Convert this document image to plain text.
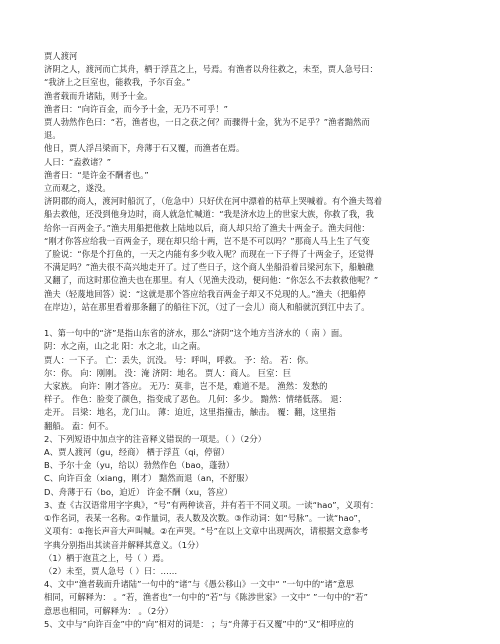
贾人渡河
济阴之人，渡河而亡其舟，栖于浮苴之上，号焉。有渔者以舟往救之，未至，贾人急号曰：
“我济上之巨室也，能救我，予尔百金。”
渔者载而升诸陆，则予十金。
渔者曰：“向许百金，而今予十金，无乃不可乎！”
贾人勃然作色曰：“若，渔者也，一日之获之何？而骤得十金，犹为不足乎？”渔者黯然而
退。
他日，贾人浮吕梁而下，舟薄于石又覆，而渔者在焉。
人曰：“盍救诸？”
渔者曰：“是许金不酬者也。”
立而观之，遂没。
济阴郡的商人，渡河时船沉了，（危急中）只好伏在河中漂着的枯草上哭喊着。有个渔夫驾着
船去救他，还没到他身边时，商人就急忙喊道：“我是济水边上的世家大族，你救了我，我
给你一百两金子。”渔夫用船把他救上陆地以后，商人却只给了渔夫十两金子。渔夫问他：
“刚才你答应给我一百两金子，现在却只给十两，岂不是不可以吗？”那商人马上生了气变
了脸说：“你是个打鱼的，一天之内能有多少收入呢？而现在一下子得了十两金子，还觉得
不满足吗？”渔夫很不高兴地走开了。过了些日子，这个商人坐船沿着吕梁河东下，船触礁
又翻了，而这时那位渔夫也在那里。有人（见渔夫没动，便问他：“你怎么不去救救他呢？”
渔夫（轻蔑地回答）说：“这就是那个答应给我百两金子却又不兑现的人。”渔夫（把船停
在岸边），站在那里看着那条翻了的船往下沉，（过了一会儿）商人和船就沉到江中去了。
1、第一句中的“济”是指山东省的济水，那么“济阴”这个地方当济水的（ 南 ）面。
阴：水之南，山之北 阳：水之北，山之南。
贾人：一下子。 亡：丢失，沉没。 号：呼叫，呼救。 予：给。 若：你。
尔：你。 向：刚刚。 没：淹 济阴：地名。 贾人：商人。 巨室：巨
大家族。 向许：刚才答应。 无乃：莫非，岂不是，难道不是。 渔然：发愁的
样子。 作色：脸变了颜色，指变成了恶色。 几何：多少。 黯然：情绪低落。 退：
走开。 吕梁：地名，龙门山。 薄：迫近，这里指撞击，触击。 覆：翻，这里指
翻船。 盍：何不。
2、下列短语中加点字的注音释义错误的一项是。（ ）（2分）
A、贾人渡河（gu，经商） 栖于浮苴（qi，停留）
B、予尔十金（yu，给以）勃然作色（bao，蓬勃）
C、向许百金（xiang，刚才） 黯然而退（an，不舒服）
D、舟薄于石（bo，迫近） 许金不酬（xu，答应）
3、查《古汉语常用字字典》，“号”有两种读音，并有若干不同义项。一读“hao”，义项有：
①作名词，表某一名称。②作量词，表人数及次数。③作动词：如“号脉”。一读“hao”，
义项有：①拖长声音大声叫喊。②在声哭。“号”在以上文章中出现两次，请根据文意参考
字典分别指出其读音并解释其意义。（1分）
（1）栖于泡苴之上，号（ ）焉。
（2）未至，贾人急号（ ）曰：……
4、文中“渔者载而升诸陆”一句中的“诸”与《愚公移山》一文中“ ”一句中的“诸”意思
相同，可解释为： 。“若，渔者也”一句中的“若”与《陈涉世家》一文中“ ”一句中的“若”
意思也相同，可解释为： 。（2分）
5、文中与“向许百金”中的“向”相对的词是： ；与“舟薄于石又覆”中的“又”相呼应的
